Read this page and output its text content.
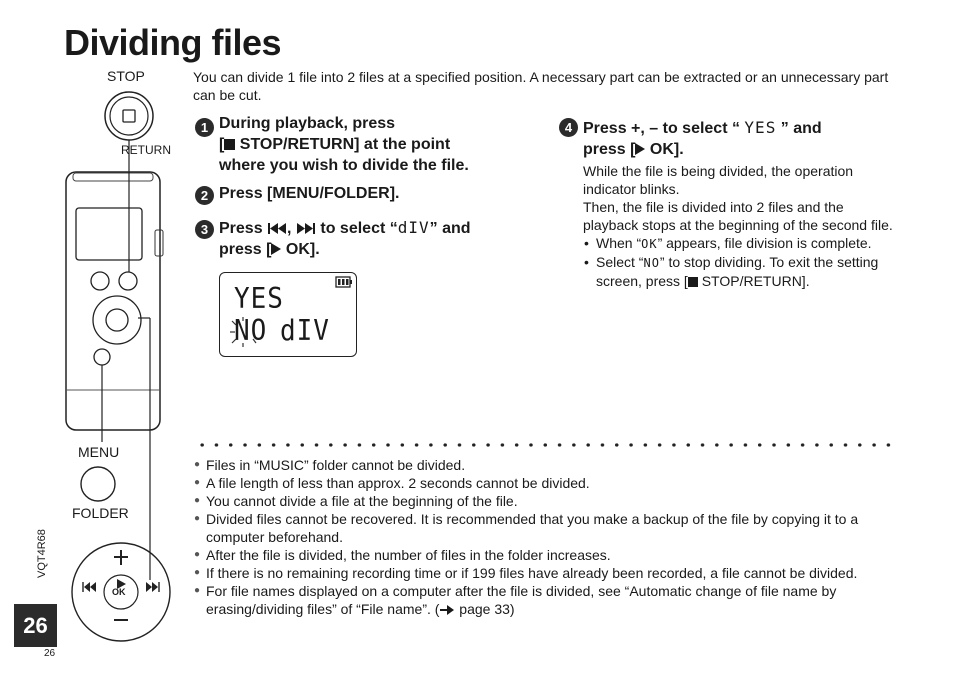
Dividing files
You can divide 1 file into 2 files at a specified position. A necessary part can be extracted or an unnecessary part can be cut.
STOP
RETURN
MENU
FOLDER
OK
1 During playback, press
[ STOP/RETURN] at the point
where you wish to divide the file.
2 Press [MENU/FOLDER].
3 Press ,  to select “dIV” and
press [ OK].
YES
NO dIV
4 Press +, – to select “ YES ” and
press [ OK].
While the file is being divided, the operation indicator blinks.
Then, the file is divided into 2 files and the playback stops at the beginning of the second file.
• When “OK” appears, file division is complete.
• Select “NO” to stop dividing. To exit the setting screen, press [ STOP/RETURN].
● Files in “MUSIC” folder cannot be divided.
● A file length of less than approx. 2 seconds cannot be divided.
● You cannot divide a file at the beginning of the file.
● Divided files cannot be recovered. It is recommended that you make a backup of the file by copying it to a computer beforehand.
● After the file is divided, the number of files in the folder increases.
● If there is no remaining recording time or if 199 files have already been recorded, a file cannot be divided.
● For file names displayed on a computer after the file is divided, see “Automatic change of file name by erasing/dividing files” of “File name”. ( page 33)
VQT4R68
26
26
